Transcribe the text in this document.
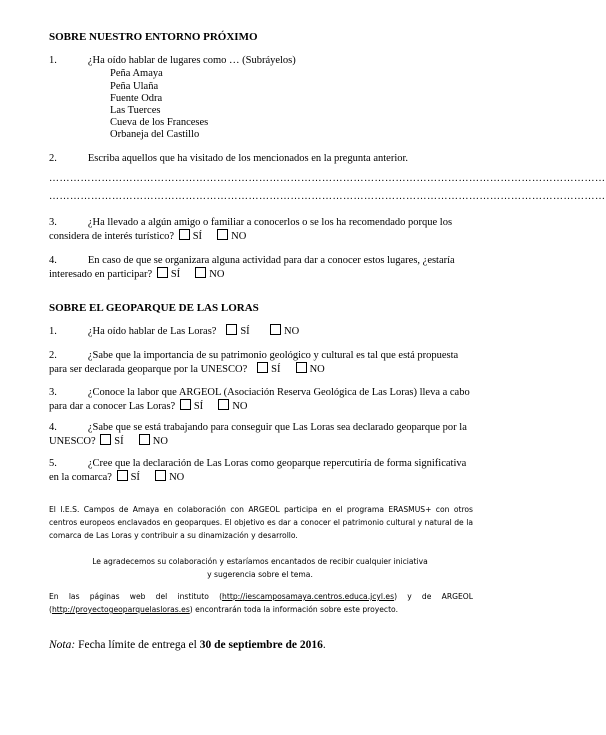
SOBRE NUESTRO ENTORNO PRÓXIMO
1.	¿Ha oído hablar de lugares como … (Subráyelos)
Peña Amaya
Peña Ulaña
Fuente Odra
Las Tuerces
Cueva de los Franceses
Orbaneja del Castillo
2.	Escriba aquellos que ha visitado de los mencionados en la pregunta anterior.
……………………………………………………………………………………………………………………………………………
……………………………………………………………………………………………………………………………………………
3.	¿Ha llevado a algún amigo o familiar a conocerlos o se los ha recomendado porque los
considera de interés turístico? SÍ	NO
4.	En caso de que se organizara alguna actividad para dar a conocer estos lugares, ¿estaría
interesado en participar? SÍ	NO
SOBRE EL GEOPARQUE DE LAS LORAS
1.	¿Ha oído hablar de Las Loras? SÍ	NO
2.	¿Sabe que la importancia de su patrimonio geológico y cultural es tal que está propuesta
para ser declarada geoparque por la UNESCO? SÍ	NO
3.	¿Conoce la labor que ARGEOL (Asociación Reserva Geológica de Las Loras) lleva a cabo
para dar a conocer Las Loras? SÍ	NO
4.	¿Sabe que se está trabajando para conseguir que Las Loras sea declarado geoparque por la
UNESCO? SÍ	NO
5.	¿Cree que la declaración de Las Loras como geoparque repercutiría de forma significativa
en la comarca? SÍ	NO
El I.E.S. Campos de Amaya en colaboración con ARGEOL participa en el programa ERASMUS+ con otros centros europeos enclavados en geoparques. El objetivo es dar a conocer el patrimonio cultural y natural de la comarca de Las Loras y contribuir a su dinamización y desarrollo.
Le agradecemos su colaboración y estaríamos encantados de recibir cualquier iniciativa y sugerencia sobre el tema.
En las páginas web del instituto (http://iescamposamaya.centros.educa.jcyl.es) y de ARGEOL (http://proyectogeoparquelasloras.es) encontrarán toda la información sobre este proyecto.
Nota: Fecha límite de entrega el 30 de septiembre de 2016.
